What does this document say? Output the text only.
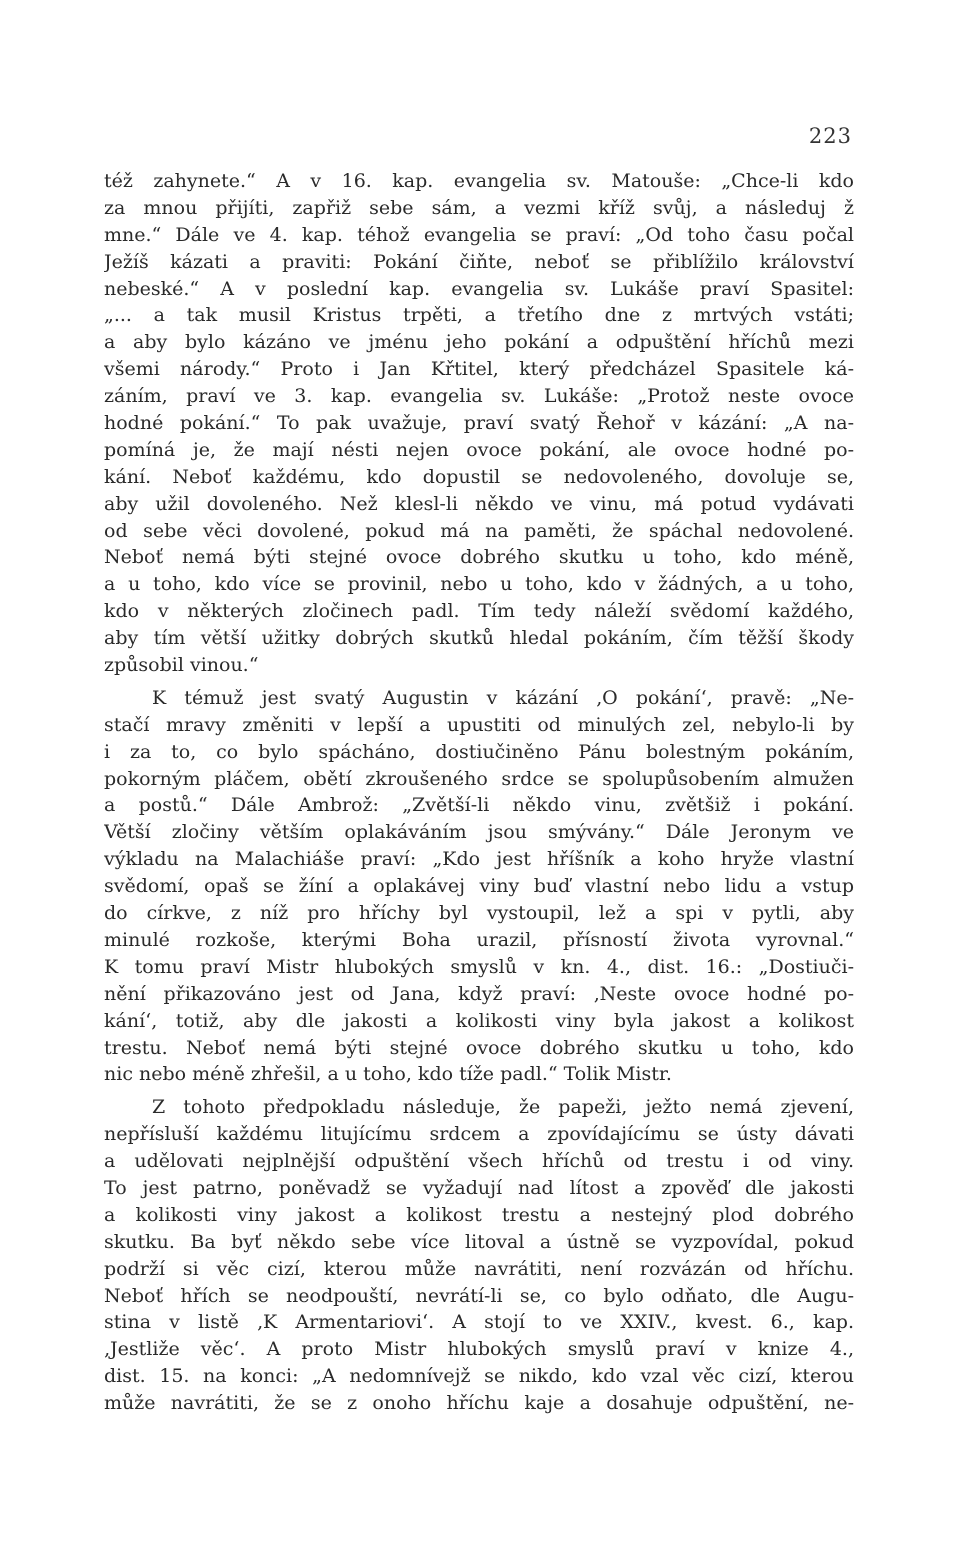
223
též zahynete.“ A v 16. kap. evangelia sv. Matouše: „Chce-li kdo
za mnou přijíti, zapřiž sebe sám, a vezmi kříž svůj, a následuj ž
mne.“ Dále ve 4. kap. téhož evangelia se praví: „Od toho času počal
Ježíš kázati a praviti: Pokání čiňte, neboť se přiblížilo království
nebeské.“ A v poslední kap. evangelia sv. Lukáše praví Spasitel:
„... a tak musil Kristus trpěti, a třetího dne z mrtvých vstáti;
a aby bylo kázáno ve jménu jeho pokání a odpuštění hříchů mezi
všemi národy.“ Proto i Jan Křtitel, který předcházel Spasitele ká-
záním, praví ve 3. kap. evangelia sv. Lukáše: „Protož neste ovoce
hodné pokání.“ To pak uvažuje, praví svatý Řehoř v kázání: „A na-
pomíná je, že mají nésti nejen ovoce pokání, ale ovoce hodné po-
kání. Neboť každému, kdo dopustil se nedovoleného, dovoluje se,
aby užil dovoleného. Než klesl-li někdo ve vinu, má potud vydávati
od sebe věci dovolené, pokud má na paměti, že spáchal nedovolené.
Neboť nemá býti stejné ovoce dobrého skutku u toho, kdo méně,
a u toho, kdo více se provinil, nebo u toho, kdo v žádných, a u toho,
kdo v některých zločinech padl. Tím tedy náleží svědomí každého,
aby tím větší užitky dobrých skutků hledal pokáním, čím těžší škody
způsobil vinou.“
K témuž jest svatý Augustin v kázání ‚O pokání‘, pravě: „Ne-
stačí mravy změniti v lepší a upustiti od minulých zel, nebylo-li by
i za to, co bylo spácháno, dostiučiněno Pánu bolestným pokáním,
pokorným pláčem, obětí zkroušeného srdce se spolupůsobením almužen
a postů.“ Dále Ambrož: „Zvětší-li někdo vinu, zvětšiž i pokání.
Větší zločiny větším oplakáváním jsou smývány.“ Dále Jeronym ve
výkladu na Malachiáše praví: „Kdo jest hříšník a koho hryže vlastní
svědomí, opaš se žíní a oplakávej viny buď vlastní nebo lidu a vstup
do církve, z níž pro hříchy byl vystoupil, lež a spi v pytli, aby
minulé rozkoše, kterými Boha urazil, přísností života vyrovnal.“
K tomu praví Mistr hlubokých smyslů v kn. 4., dist. 16.: „Dostiuči-
nění přikazováno jest od Jana, když praví: ‚Neste ovoce hodné po-
kání‘, totiž, aby dle jakosti a kolikosti viny byla jakost a kolikost
trestu. Neboť nemá býti stejné ovoce dobrého skutku u toho, kdo
nic nebo méně zhřešil, a u toho, kdo tíže padl.“ Tolik Mistr.
Z tohoto předpokladu následuje, že papeži, ježto nemá zjevení,
nepřísluší každému litujícímu srdcem a zpovídajícímu se ústy dávati
a udělovati nejplnější odpuštění všech hříchů od trestu i od viny.
To jest patrno, poněvadž se vyžadují nad lítost a zpověď dle jakosti
a kolikosti viny jakost a kolikost trestu a nestejný plod dobrého
skutku. Ba byť někdo sebe více litoval a ústně se vyzpovídal, pokud
podrží si věc cizí, kterou může navrátiti, není rozvázán od hříchu.
Neboť hřích se neodpouští, nevrátí-li se, co bylo odňato, dle Augu-
stina v listě ‚K Armentariovi‘. A stojí to ve XXIV., kvest. 6., kap.
‚Jestliže věc‘. A proto Mistr hlubokých smyslů praví v knize 4.,
dist. 15. na konci: „A nedomnívejž se nikdo, kdo vzal věc cizí, kterou
může navrátiti, že se z onoho hříchu kaje a dosahuje odpuštění, ne-
